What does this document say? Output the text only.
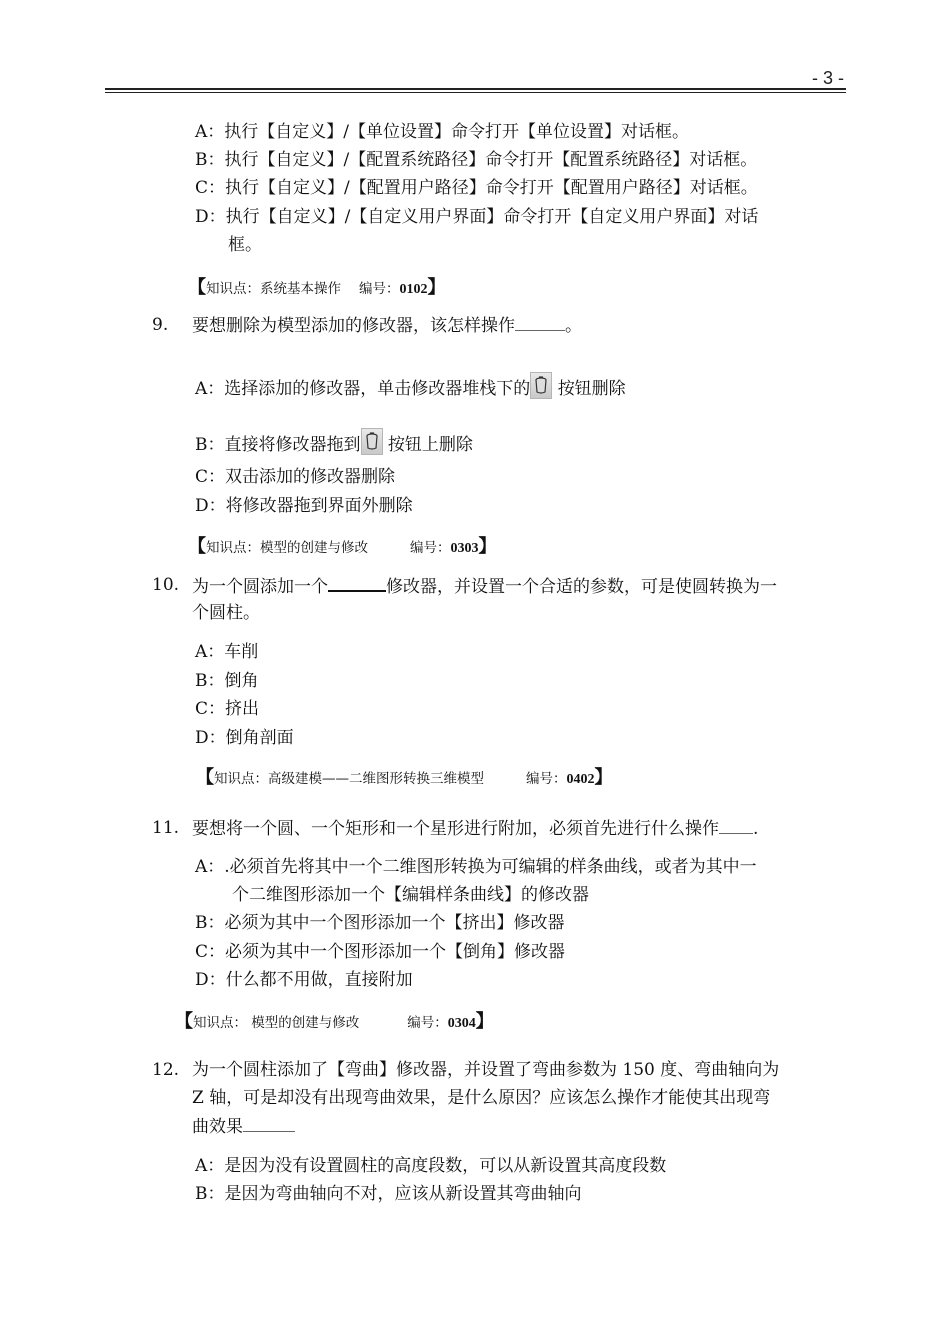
- 3 -
A：执行【自定义】/【单位设置】命令打开【单位设置】对话框。
B：执行【自定义】/【配置系统路径】命令打开【配置系统路径】对话框。
C：执行【自定义】/【配置用户路径】命令打开【配置用户路径】对话框。
D：执行【自定义】/【自定义用户界面】命令打开【自定义用户界面】对话
框。
【知识点：系统基本操作 编号：0102】
9. 要想删除为模型添加的修改器，该怎样操作	。
A：选择添加的修改器，单击修改器堆栈下的 按钮删除
B：直接将修改器拖到 按钮上删除
C：双击添加的修改器删除
D：将修改器拖到界面外删除
【知识点：模型的创建与修改	编号：0303】
10. 为一个圆添加一个	修改器，并设置一个合适的参数，可是使圆转换为一
个圆柱。
A：车削
B：倒角
C：挤出
D：倒角剖面
【知识点：高级建模——二维图形转换三维模型	编号：0402】
11. 要想将一个圆、一个矩形和一个星形进行附加，必须首先进行什么操作 .
A：.必须首先将其中一个二维图形转换为可编辑的样条曲线，或者为其中一
个二维图形添加一个【编辑样条曲线】的修改器
B：必须为其中一个图形添加一个【挤出】修改器
C：必须为其中一个图形添加一个【倒角】修改器
D：什么都不用做，直接附加
【知识点： 模型的创建与修改	编号：0304】
12. 为一个圆柱添加了【弯曲】修改器，并设置了弯曲参数为 150 度、弯曲轴向为
Z 轴，可是却没有出现弯曲效果，是什么原因？应该怎么操作才能使其出现弯
曲效果
A：是因为没有设置圆柱的高度段数，可以从新设置其高度段数
B：是因为弯曲轴向不对，应该从新设置其弯曲轴向
